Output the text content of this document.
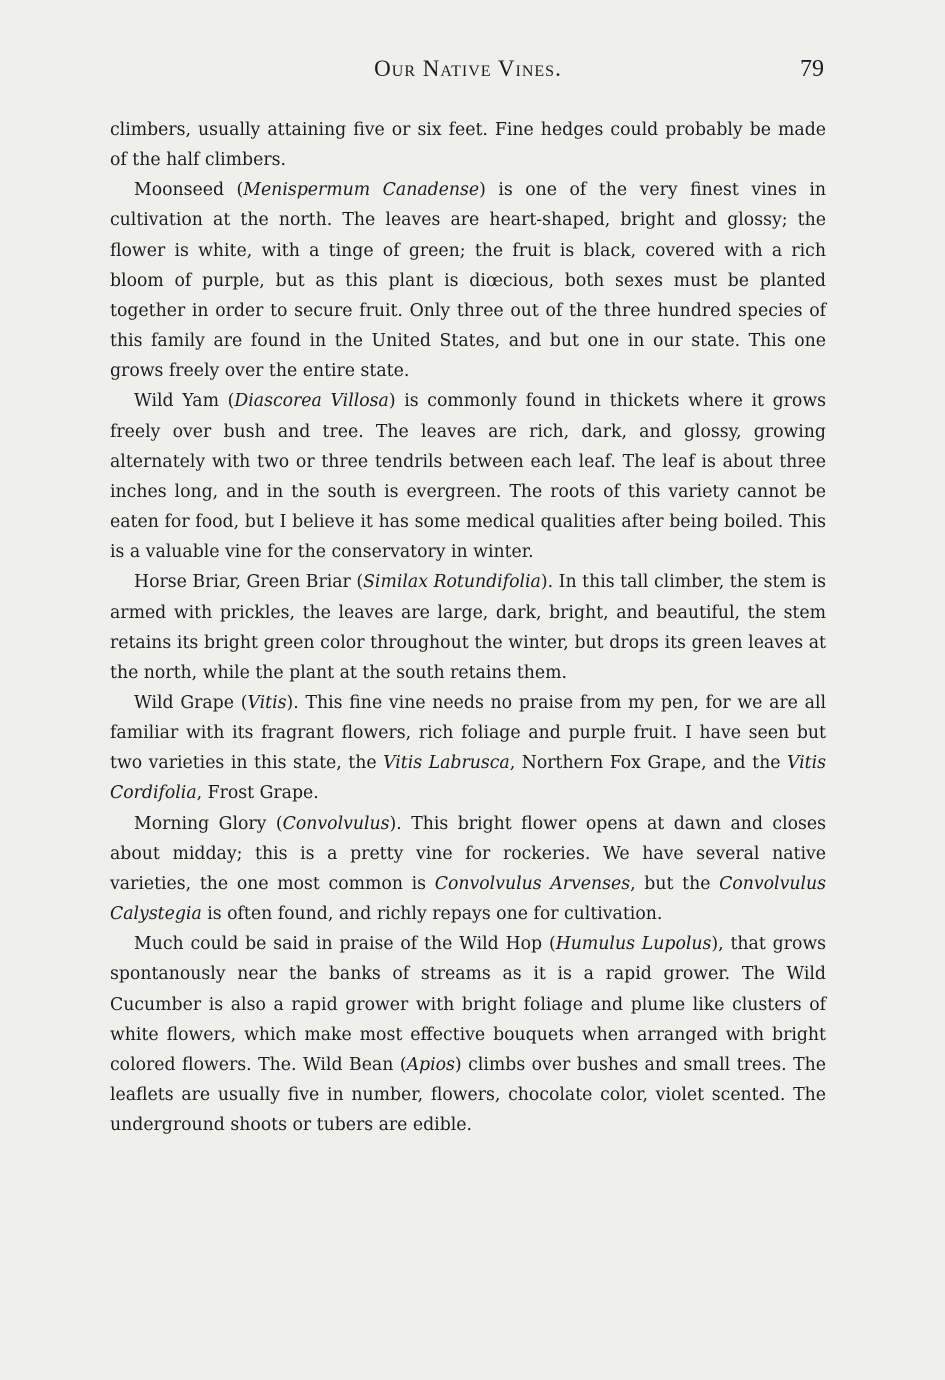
Our Native Vines.	79

climbers, usually attaining five or six feet. Fine hedges could probably be made of the half climbers.

Moonseed (Menispermum Canadense) is one of the very finest vines in cultivation at the north. The leaves are heart-shaped, bright and glossy; the flower is white, with a tinge of green; the fruit is black, covered with a rich bloom of purple, but as this plant is diœcious, both sexes must be planted together in order to secure fruit. Only three out of the three hundred species of this family are found in the United States, and but one in our state. This one grows freely over the entire state.

Wild Yam (Diascorea Villosa) is commonly found in thickets where it grows freely over bush and tree. The leaves are rich, dark, and glossy, growing alternately with two or three tendrils between each leaf. The leaf is about three inches long, and in the south is evergreen. The roots of this variety cannot be eaten for food, but I believe it has some medical qualities after being boiled. This is a valuable vine for the conservatory in winter.

Horse Briar, Green Briar (Similax Rotundifolia). In this tall climber, the stem is armed with prickles, the leaves are large, dark, bright, and beautiful, the stem retains its bright green color throughout the winter, but drops its green leaves at the north, while the plant at the south retains them.

Wild Grape (Vitis). This fine vine needs no praise from my pen, for we are all familiar with its fragrant flowers, rich foliage and purple fruit. I have seen but two varieties in this state, the Vitis Labrusca, Northern Fox Grape, and the Vitis Cordifolia, Frost Grape.

Morning Glory (Convolvulus). This bright flower opens at dawn and closes about midday; this is a pretty vine for rockeries. We have several native varieties, the one most common is Convolvulus Arvenses, but the Convolvulus Calystegia is often found, and richly repays one for cultivation.

Much could be said in praise of the Wild Hop (Humulus Lupolus), that grows spontanously near the banks of streams as it is a rapid grower. The Wild Cucumber is also a rapid grower with bright foliage and plume like clusters of white flowers, which make most effective bouquets when arranged with bright colored flowers. The. Wild Bean (Apios) climbs over bushes and small trees. The leaflets are usually five in number, flowers, chocolate color, violet scented. The underground shoots or tubers are edible.
